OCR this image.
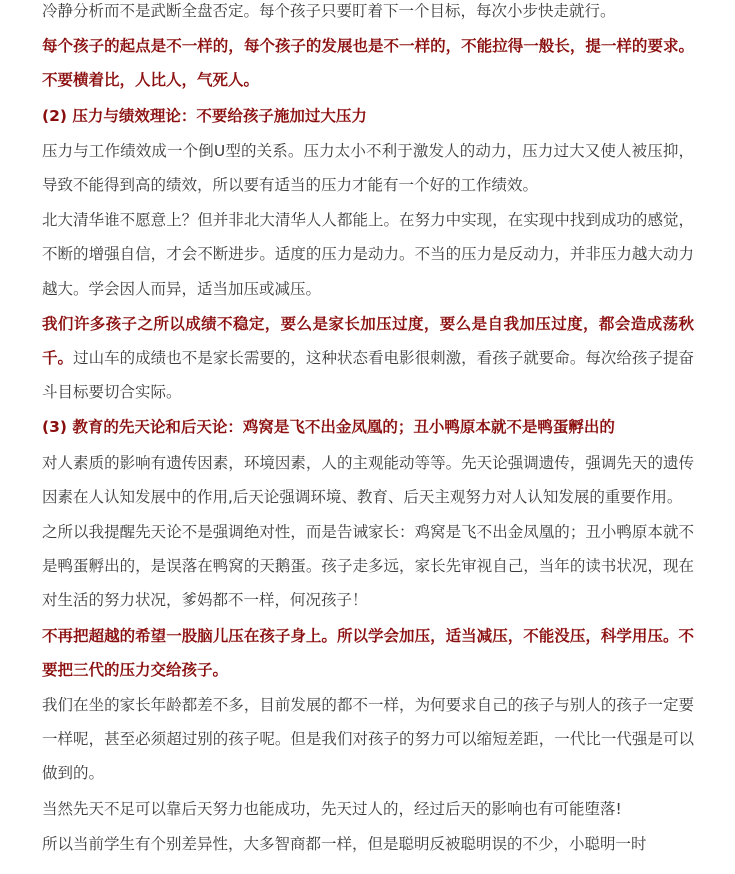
冷静分析而不是武断全盘否定。每个孩子只要盯着下一个目标，每次小步快走就行。

每个孩子的起点是不一样的，每个孩子的发展也是不一样的，不能拉得一般长，提一样的要求。不要横着比，人比人，气死人。

(2) 压力与绩效理论：不要给孩子施加过大压力

压力与工作绩效成一个倒U型的关系。压力太小不利于激发人的动力，压力过大又使人被压抑，导致不能得到高的绩效，所以要有适当的压力才能有一个好的工作绩效。

北大清华谁不愿意上？但并非北大清华人人都能上。在努力中实现，在实现中找到成功的感觉，不断的增强自信，才会不断进步。适度的压力是动力。不当的压力是反动力，并非压力越大动力越大。学会因人而异，适当加压或减压。

我们许多孩子之所以成绩不稳定，要么是家长加压过度，要么是自我加压过度，都会造成荡秋千。过山车的成绩也不是家长需要的，这种状态看电影很刺激，看孩子就要命。每次给孩子提奋斗目标要切合实际。

(3) 教育的先天论和后天论：鸡窝是飞不出金凤凰的；丑小鸭原本就不是鸭蛋孵出的

对人素质的影响有遗传因素，环境因素，人的主观能动等等。先天论强调遗传，强调先天的遗传因素在人认知发展中的作用,后天论强调环境、教育、后天主观努力对人认知发展的重要作用。

之所以我提醒先天论不是强调绝对性，而是告诫家长：鸡窝是飞不出金凤凰的；丑小鸭原本就不是鸭蛋孵出的，是误落在鸭窝的天鹅蛋。孩子走多远，家长先审视自己，当年的读书状况，现在对生活的努力状况，爹妈都不一样，何况孩子！

不再把超越的希望一股脑儿压在孩子身上。所以学会加压，适当减压，不能没压，科学用压。不要把三代的压力交给孩子。

我们在坐的家长年龄都差不多，目前发展的都不一样，为何要求自己的孩子与别人的孩子一定要一样呢，甚至必须超过别的孩子呢。但是我们对孩子的努力可以缩短差距，一代比一代强是可以做到的。

当然先天不足可以靠后天努力也能成功，先天过人的，经过后天的影响也有可能堕落!

所以当前学生有个别差异性，大多智商都一样，但是聪明反被聪明误的不少，小聪明一时
